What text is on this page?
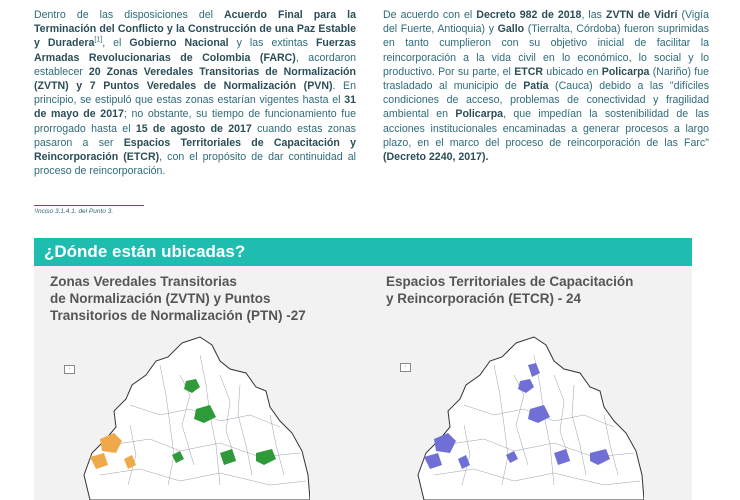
Dentro de las disposiciones del Acuerdo Final para la Terminación del Conflicto y la Construcción de una Paz Estable y Duradera[1], el Gobierno Nacional y las extintas Fuerzas Armadas Revolucionarias de Colombia (FARC), acordaron establecer 20 Zonas Veredales Transitorias de Normalización (ZVTN) y 7 Puntos Veredales de Normalización (PVN). En principio, se estipuló que estas zonas estarían vigentes hasta el 31 de mayo de 2017; no obstante, su tiempo de funcionamiento fue prorrogado hasta el 15 de agosto de 2017 cuando estas zonas pasaron a ser Espacios Territoriales de Capacitación y Reincorporación (ETCR), con el propósito de dar continuidad al proceso de reincorporación.
De acuerdo con el Decreto 982 de 2018, las ZVTN de Vidrí (Vigía del Fuerte, Antioquia) y Gallo (Tierralta, Córdoba) fueron suprimidas en tanto cumplieron con su objetivo inicial de facilitar la reincorporación a la vida civil en lo económico, lo social y lo productivo. Por su parte, el ETCR ubicado en Policarpa (Nariño) fue trasladado al municipio de Patía (Cauca) debido a las "difíciles condiciones de acceso, problemas de conectividad y fragilidad ambiental en Policarpa, que impedían la sostenibilidad de las acciones institucionales encaminadas a generar procesos a largo plazo, en el marco del proceso de reincorporación de las Farc" (Decreto 2240, 2017).
¹Inciso 3.1.4.1. del Punto 3.
¿Dónde están ubicadas?
Zonas Veredales Transitorias
de Normalización (ZVTN) y Puntos
Transitorios de Normalización (PTN) -27
Espacios Territoriales de Capacitación
y Reincorporación (ETCR) - 24
▫	▫
